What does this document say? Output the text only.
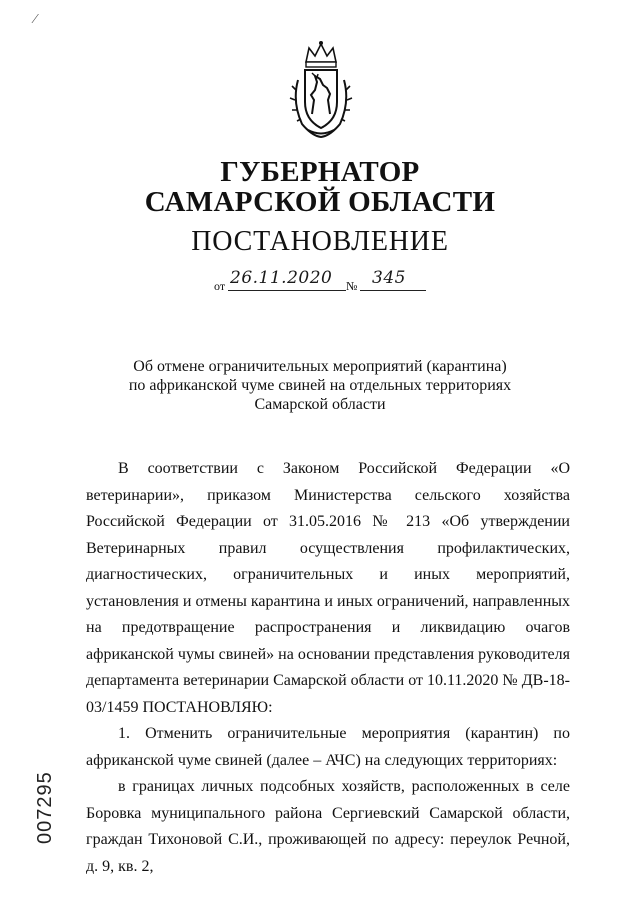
⁄
ГУБЕРНАТОР
САМАРСКОЙ ОБЛАСТИ
ПОСТАНОВЛЕНИЕ
от 26.11.2020 № 345
Об отмене ограничительных мероприятий (карантина)
по африканской чуме свиней на отдельных территориях
Самарской области

В соответствии с Законом Российской Федерации «О ветеринарии», приказом Министерства сельского хозяйства Российской Федерации от 31.05.2016 № 213 «Об утверждении Ветеринарных правил осуществления профилактических, диагностических, ограничительных и иных мероприятий, установления и отмены карантина и иных ограничений, направленных на предотвращение распространения и ликвидацию очагов африканской чумы свиней» на основании представления руководителя департамента ветеринарии Самарской области от 10.11.2020 № ДВ-18-03/1459 ПОСТАНОВЛЯЮ:

1. Отменить ограничительные мероприятия (карантин) по африканской чуме свиней (далее – АЧС) на следующих территориях:

в границах личных подсобных хозяйств, расположенных в селе Боровка муниципального района Сергиевский Самарской области, граждан Тихоновой С.И., проживающей по адресу: переулок Речной, д. 9, кв. 2,

007295
